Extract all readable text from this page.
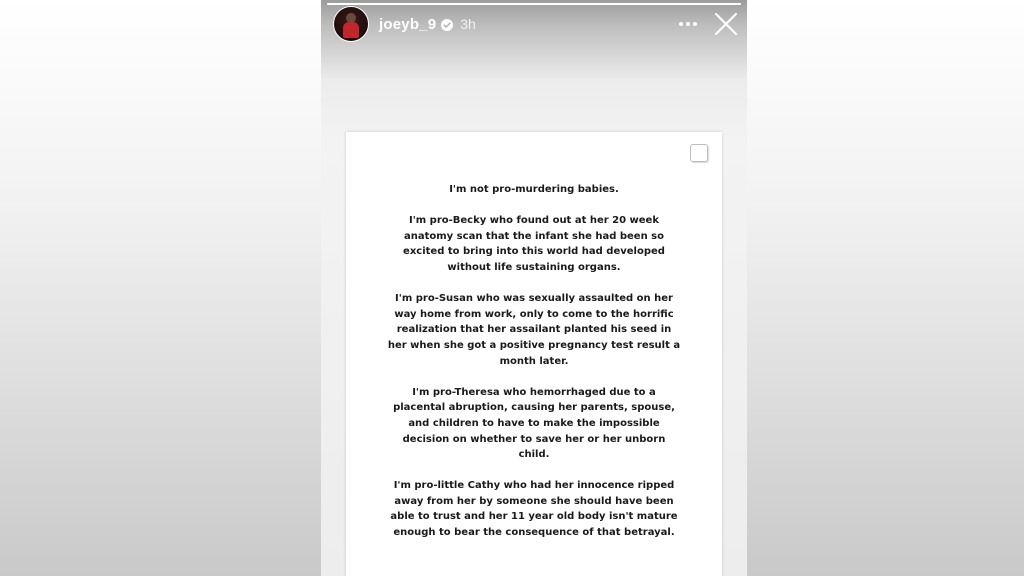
joeyb_9 3h

I'm not pro-murdering babies.

I'm pro-Becky who found out at her 20 week anatomy scan that the infant she had been so excited to bring into this world had developed without life sustaining organs.

I'm pro-Susan who was sexually assaulted on her way home from work, only to come to the horrific realization that her assailant planted his seed in her when she got a positive pregnancy test result a month later.

I'm pro-Theresa who hemorrhaged due to a placental abruption, causing her parents, spouse, and children to have to make the impossible decision on whether to save her or her unborn child.

I'm pro-little Cathy who had her innocence ripped away from her by someone she should have been able to trust and her 11 year old body isn't mature enough to bear the consequence of that betrayal.
